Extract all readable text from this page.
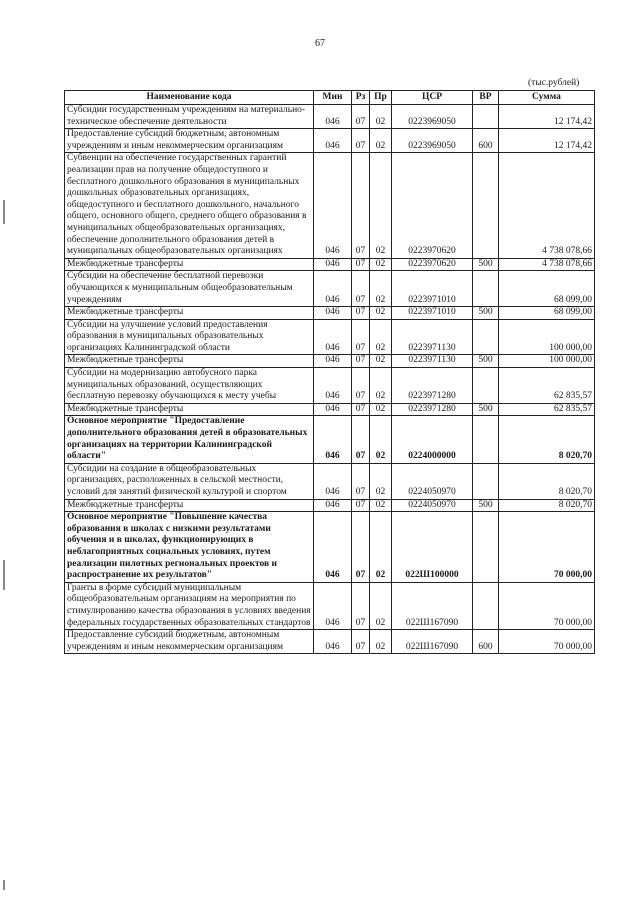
67
(тыс.рублей)
Наименование кода	Мин	Рз	Пр	ЦСР	ВР	Сумма
Субсидии государственным учреждениям на материально-техническое обеспечение деятельности	046	07	02	0223969050		12 174,42
Предоставление субсидий бюджетным, автономным учреждениям и иным некоммерческим организациям	046	07	02	0223969050	600	12 174,42
Субвенции на обеспечение государственных гарантий реализации прав на получение общедоступного и бесплатного дошкольного образования в муниципальных дошкольных образовательных организациях, общедоступного и бесплатного дошкольного, начального общего, основного общего, среднего общего образования в муниципальных общеобразовательных организациях, обеспечение дополнительного образования детей в муниципальных общеобразовательных организациях	046	07	02	0223970620		4 738 078,66
Межбюджетные трансферты	046	07	02	0223970620	500	4 738 078,66
Субсидии на обеспечение бесплатной перевозки обучающихся к муниципальным общеобразовательным учреждениям	046	07	02	0223971010		68 099,00
Межбюджетные трансферты	046	07	02	0223971010	500	68 099,00
Субсидии на улучшение условий предоставления образования в муниципальных образовательных организациях Калининградской области	046	07	02	0223971130		100 000,00
Межбюджетные трансферты	046	07	02	0223971130	500	100 000,00
Субсидии на модернизацию автобусного парка муниципальных образований, осуществляющих бесплатную перевозку обучающихся к месту учебы	046	07	02	0223971280		62 835,57
Межбюджетные трансферты	046	07	02	0223971280	500	62 835,57
Основное мероприятие "Предоставление дополнительного образования детей в образовательных организациях на территории Калининградской области"	046	07	02	0224000000		8 020,70
Субсидии на создание в общеобразовательных организациях, расположенных в сельской местности, условий для занятий физической культурой и спортом	046	07	02	0224050970		8 020,70
Межбюджетные трансферты	046	07	02	0224050970	500	8 020,70
Основное мероприятие "Повышение качества образования в школах с низкими результатами обучения и в школах, функционирующих в неблагоприятных социальных условиях, путем реализации пилотных региональных проектов и распространение их результатов"	046	07	02	022Ш100000		70 000,00
Гранты в форме субсидий муниципальным общеобразовательным организациям на мероприятия по стимулированию качества образования в условиях введения федеральных государственных образовательных стандартов	046	07	02	022Ш167090		70 000,00
Предоставление субсидий бюджетным, автономным учреждениям и иным некоммерческим организациям	046	07	02	022Ш167090	600	70 000,00
